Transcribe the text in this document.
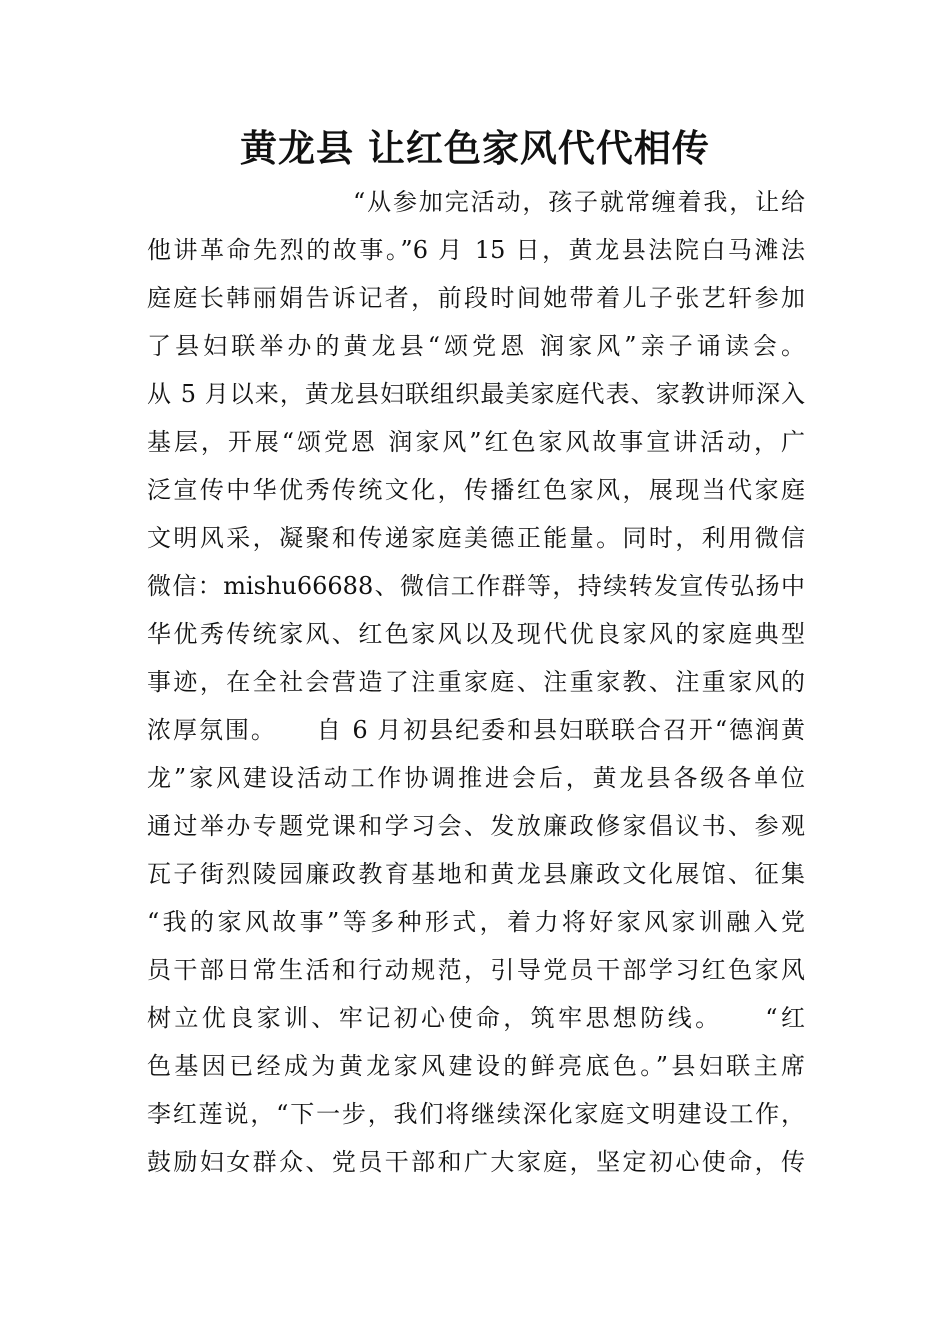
黄龙县 让红色家风代代相传
“从参加完活动，孩子就常缠着我，让给
他讲革命先烈的故事。”6 月 15 日，黄龙县法院白马滩法
庭庭长韩丽娟告诉记者，前段时间她带着儿子张艺轩参加
了县妇联举办的黄龙县“颂党恩 润家风”亲子诵读会。
从 5 月以来，黄龙县妇联组织最美家庭代表、家教讲师深入
基层，开展“颂党恩 润家风”红色家风故事宣讲活动，广
泛宣传中华优秀传统文化，传播红色家风，展现当代家庭
文明风采，凝聚和传递家庭美德正能量。同时，利用微信
微信：mishu66688、微信工作群等，持续转发宣传弘扬中
华优秀传统家风、红色家风以及现代优良家风的家庭典型
事迹，在全社会营造了注重家庭、注重家教、注重家风的
浓厚氛围。　　自 6 月初县纪委和县妇联联合召开“德润黄
龙”家风建设活动工作协调推进会后，黄龙县各级各单位
通过举办专题党课和学习会、发放廉政修家倡议书、参观
瓦子街烈陵园廉政教育基地和黄龙县廉政文化展馆、征集
“我的家风故事”等多种形式，着力将好家风家训融入党
员干部日常生活和行动规范，引导党员干部学习红色家风
树立优良家训、牢记初心使命，筑牢思想防线。　　“红
色基因已经成为黄龙家风建设的鲜亮底色。”县妇联主席
李红莲说，“下一步，我们将继续深化家庭文明建设工作，
鼓励妇女群众、党员干部和广大家庭，坚定初心使命，传
